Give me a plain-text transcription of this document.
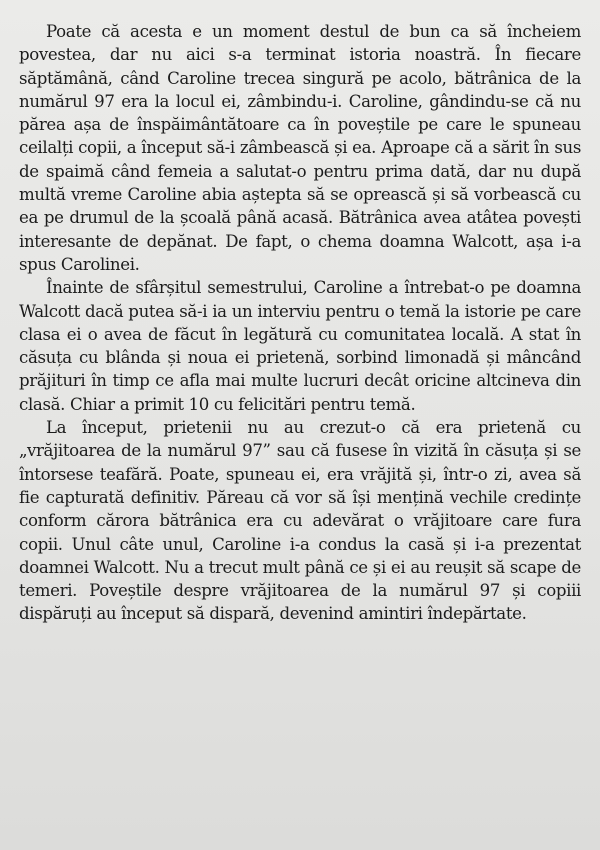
Poate că acesta e un moment destul de bun ca să încheiem povestea, dar nu aici s-a terminat istoria noastră. În fiecare săptămână, când Caroline trecea singură pe acolo, bătrânica de la numărul 97 era la locul ei, zâmbindu-i. Caroline, gândindu-se că nu părea așa de înspăimântătoare ca în poveștile pe care le spuneau ceilalți copii, a început să-i zâmbească și ea. Aproape că a sărit în sus de spaimă când femeia a salutat-o pentru prima dată, dar nu după multă vreme Caroline abia aștepta să se oprească și să vorbească cu ea pe drumul de la școală până acasă. Bătrânica avea atâtea povești interesante de depănat. De fapt, o chema doamna Walcott, așa i-a spus Carolinei.

Înainte de sfârșitul semestrului, Caroline a întrebat-o pe doamna Walcott dacă putea să-i ia un interviu pentru o temă la istorie pe care clasa ei o avea de făcut în legătură cu comunitatea locală. A stat în căsuța cu blânda și noua ei prietenă, sorbind limonadă și mâncând prăjituri în timp ce afla mai multe lucruri decât oricine altcineva din clasă. Chiar a primit 10 cu felicitări pentru temă.

La început, prietenii nu au crezut-o că era prietenă cu „vrăjitoarea de la numărul 97” sau că fusese în vizită în căsuța și se întorsese teafără. Poate, spuneau ei, era vrăjită și, într-o zi, avea să fie capturată definitiv. Păreau că vor să își mențină vechile credințe conform cărora bătrânica era cu adevărat o vrăjitoare care fura copii. Unul câte unul, Caroline i-a condus la casă și i-a prezentat doamnei Walcott. Nu a trecut mult până ce și ei au reușit să scape de temeri. Poveștile despre vrăjitoarea de la numărul 97 și copiii dispăruți au început să dispară, devenind amintiri îndepărtate.
